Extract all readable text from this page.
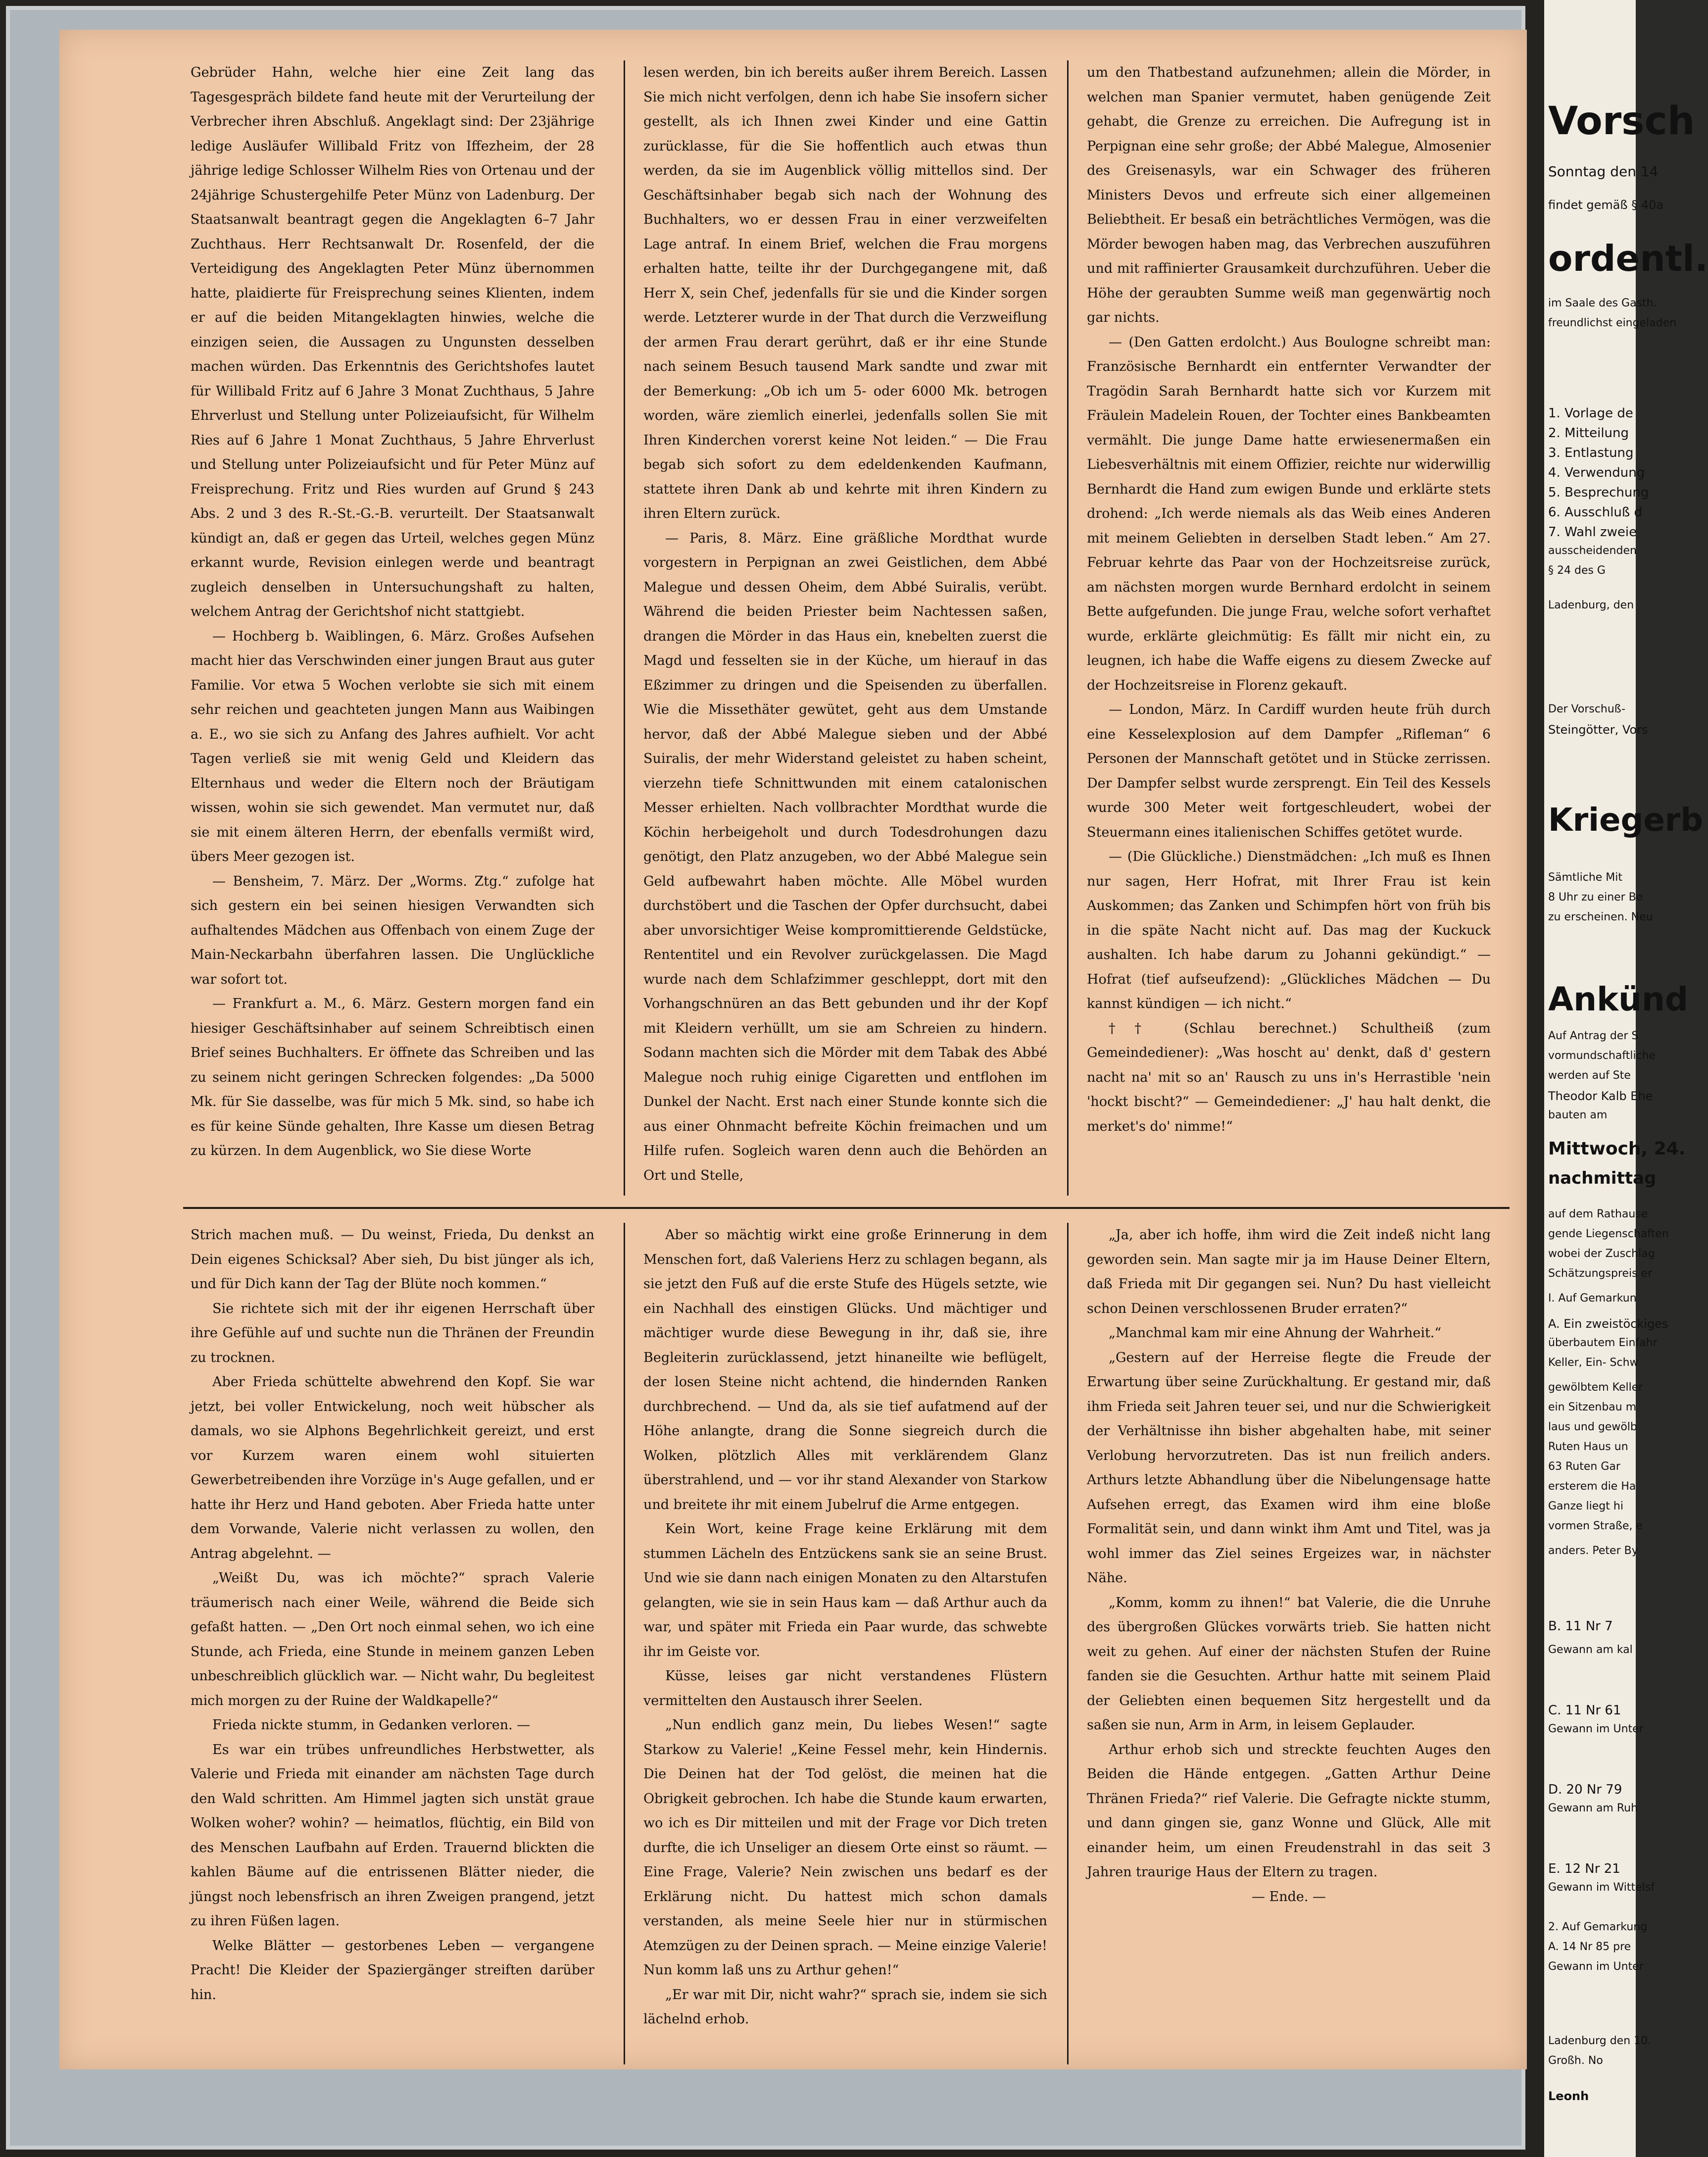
Gebrüder Hahn, welche hier eine Zeit lang das Tagesgespräch bildete fand heute mit der Verurteilung der Verbrecher ihren Abschluß. Angeklagt sind: Der 23jährige ledige Ausläufer Willibald Fritz von Iffezheim, der 28 jährige ledige Schlosser Wilhelm Ries von Ortenau und der 24jährige Schustergehilfe Peter Münz von Ladenburg. Der Staatsanwalt beantragt gegen die Angeklagten 6–7 Jahr Zuchthaus. Herr Rechtsanwalt Dr. Rosenfeld, der die Verteidigung des Angeklagten Peter Münz übernommen hatte, plaidierte für Freisprechung seines Klienten, indem er auf die beiden Mitangeklagten hinwies, welche die einzigen seien, die Aussagen zu Ungunsten desselben machen würden. Das Erkenntnis des Gerichtshofes lautet für Willibald Fritz auf 6 Jahre 3 Monat Zuchthaus, 5 Jahre Ehrverlust und Stellung unter Polizeiaufsicht, für Wilhelm Ries auf 6 Jahre 1 Monat Zuchthaus, 5 Jahre Ehrverlust und Stellung unter Polizeiaufsicht und für Peter Münz auf Freisprechung. Fritz und Ries wurden auf Grund § 243 Abs. 2 und 3 des R.-St.-G.-B. verurteilt. Der Staatsanwalt kündigt an, daß er gegen das Urteil, welches gegen Münz erkannt wurde, Revision einlegen werde und beantragt zugleich denselben in Untersuchungshaft zu halten, welchem Antrag der Gerichtshof nicht stattgiebt.

— Hochberg b. Waiblingen, 6. März. Großes Aufsehen macht hier das Verschwinden einer jungen Braut aus guter Familie. Vor etwa 5 Wochen verlobte sie sich mit einem sehr reichen und geachteten jungen Mann aus Waibingen a. E., wo sie sich zu Anfang des Jahres aufhielt. Vor acht Tagen verließ sie mit wenig Geld und Kleidern das Elternhaus und weder die Eltern noch der Bräutigam wissen, wohin sie sich gewendet. Man vermutet nur, daß sie mit einem älteren Herrn, der ebenfalls vermißt wird, übers Meer gezogen ist.

— Bensheim, 7. März. Der „Worms. Ztg.“ zufolge hat sich gestern ein bei seinen hiesigen Verwandten sich aufhaltendes Mädchen aus Offenbach von einem Zuge der Main-Neckarbahn überfahren lassen. Die Unglückliche war sofort tot.

— Frankfurt a. M., 6. März. Gestern morgen fand ein hiesiger Geschäftsinhaber auf seinem Schreibtisch einen Brief seines Buchhalters. Er öffnete das Schreiben und las zu seinem nicht geringen Schrecken folgendes: „Da 5000 Mk. für Sie dasselbe, was für mich 5 Mk. sind, so habe ich es für keine Sünde gehalten, Ihre Kasse um diesen Betrag zu kürzen. In dem Augenblick, wo Sie diese Worte

lesen werden, bin ich bereits außer ihrem Bereich. Lassen Sie mich nicht verfolgen, denn ich habe Sie insofern sicher gestellt, als ich Ihnen zwei Kinder und eine Gattin zurücklasse, für die Sie hoffentlich auch etwas thun werden, da sie im Augenblick völlig mittellos sind. Der Geschäftsinhaber begab sich nach der Wohnung des Buchhalters, wo er dessen Frau in einer verzweifelten Lage antraf. In einem Brief, welchen die Frau morgens erhalten hatte, teilte ihr der Durchgegangene mit, daß Herr X, sein Chef, jedenfalls für sie und die Kinder sorgen werde. Letzterer wurde in der That durch die Verzweiflung der armen Frau derart gerührt, daß er ihr eine Stunde nach seinem Besuch tausend Mark sandte und zwar mit der Bemerkung: „Ob ich um 5- oder 6000 Mk. betrogen worden, wäre ziemlich einerlei, jedenfalls sollen Sie mit Ihren Kinderchen vorerst keine Not leiden.“ — Die Frau begab sich sofort zu dem edeldenkenden Kaufmann, stattete ihren Dank ab und kehrte mit ihren Kindern zu ihren Eltern zurück.

— Paris, 8. März. Eine gräßliche Mordthat wurde vorgestern in Perpignan an zwei Geistlichen, dem Abbé Malegue und dessen Oheim, dem Abbé Suiralis, verübt. Während die beiden Priester beim Nachtessen saßen, drangen die Mörder in das Haus ein, knebelten zuerst die Magd und fesselten sie in der Küche, um hierauf in das Eßzimmer zu dringen und die Speisenden zu überfallen. Wie die Missethäter gewütet, geht aus dem Umstande hervor, daß der Abbé Malegue sieben und der Abbé Suiralis, der mehr Widerstand geleistet zu haben scheint, vierzehn tiefe Schnittwunden mit einem catalonischen Messer erhielten. Nach vollbrachter Mordthat wurde die Köchin herbeigeholt und durch Todesdrohungen dazu genötigt, den Platz anzugeben, wo der Abbé Malegue sein Geld aufbewahrt haben möchte. Alle Möbel wurden durchstöbert und die Taschen der Opfer durchsucht, dabei aber unvorsichtiger Weise kompromittierende Geldstücke, Rententitel und ein Revolver zurückgelassen. Die Magd wurde nach dem Schlafzimmer geschleppt, dort mit den Vorhangschnüren an das Bett gebunden und ihr der Kopf mit Kleidern verhüllt, um sie am Schreien zu hindern. Sodann machten sich die Mörder mit dem Tabak des Abbé Malegue noch ruhig einige Cigaretten und entflohen im Dunkel der Nacht. Erst nach einer Stunde konnte sich die aus einer Ohnmacht befreite Köchin freimachen und um Hilfe rufen. Sogleich waren denn auch die Behörden an Ort und Stelle,

um den Thatbestand aufzunehmen; allein die Mörder, in welchen man Spanier vermutet, haben genügende Zeit gehabt, die Grenze zu erreichen. Die Aufregung ist in Perpignan eine sehr große; der Abbé Malegue, Almosenier des Greisenasyls, war ein Schwager des früheren Ministers Devos und erfreute sich einer allgemeinen Beliebtheit. Er besaß ein beträchtliches Vermögen, was die Mörder bewogen haben mag, das Verbrechen auszuführen und mit raffinierter Grausamkeit durchzuführen. Ueber die Höhe der geraubten Summe weiß man gegenwärtig noch gar nichts.

— (Den Gatten erdolcht.) Aus Boulogne schreibt man: Französische Bernhardt ein entfernter Verwandter der Tragödin Sarah Bernhardt hatte sich vor Kurzem mit Fräulein Madelein Rouen, der Tochter eines Bankbeamten vermählt. Die junge Dame hatte erwiesenermaßen ein Liebesverhältnis mit einem Offizier, reichte nur widerwillig Bernhardt die Hand zum ewigen Bunde und erklärte stets drohend: „Ich werde niemals als das Weib eines Anderen mit meinem Geliebten in derselben Stadt leben.“ Am 27. Februar kehrte das Paar von der Hochzeitsreise zurück, am nächsten morgen wurde Bernhard erdolcht in seinem Bette aufgefunden. Die junge Frau, welche sofort verhaftet wurde, erklärte gleichmütig: Es fällt mir nicht ein, zu leugnen, ich habe die Waffe eigens zu diesem Zwecke auf der Hochzeitsreise in Florenz gekauft.

— London, März. In Cardiff wurden heute früh durch eine Kesselexplosion auf dem Dampfer „Rifleman“ 6 Personen der Mannschaft getötet und in Stücke zerrissen. Der Dampfer selbst wurde zersprengt. Ein Teil des Kessels wurde 300 Meter weit fortgeschleudert, wobei der Steuermann eines italienischen Schiffes getötet wurde.

— (Die Glückliche.) Dienstmädchen: „Ich muß es Ihnen nur sagen, Herr Hofrat, mit Ihrer Frau ist kein Auskommen; das Zanken und Schimpfen hört von früh bis in die späte Nacht nicht auf. Das mag der Kuckuck aushalten. Ich habe darum zu Johanni gekündigt.“ — Hofrat (tief aufseufzend): „Glückliches Mädchen — Du kannst kündigen — ich nicht.“

†† (Schlau berechnet.) Schultheiß (zum Gemeindediener): „Was hoscht au' denkt, daß d' gestern nacht na' mit so an' Rausch zu uns in's Herrastible 'nein 'hockt bischt?“ — Gemeindediener: „J' hau halt denkt, die merket's do' nimme!“

Strich machen muß. — Du weinst, Frieda, Du denkst an Dein eigenes Schicksal? Aber sieh, Du bist jünger als ich, und für Dich kann der Tag der Blüte noch kommen.“

Sie richtete sich mit der ihr eigenen Herrschaft über ihre Gefühle auf und suchte nun die Thränen der Freundin zu trocknen.

Aber Frieda schüttelte abwehrend den Kopf. Sie war jetzt, bei voller Entwickelung, noch weit hübscher als damals, wo sie Alphons Begehrlichkeit gereizt, und erst vor Kurzem waren einem wohl situierten Gewerbetreibenden ihre Vorzüge in's Auge gefallen, und er hatte ihr Herz und Hand geboten. Aber Frieda hatte unter dem Vorwande, Valerie nicht verlassen zu wollen, den Antrag abgelehnt. —

„Weißt Du, was ich möchte?“ sprach Valerie träumerisch nach einer Weile, während die Beide sich gefaßt hatten. — „Den Ort noch einmal sehen, wo ich eine Stunde, ach Frieda, eine Stunde in meinem ganzen Leben unbeschreiblich glücklich war. — Nicht wahr, Du begleitest mich morgen zu der Ruine der Waldkapelle?“

Frieda nickte stumm, in Gedanken verloren. —

Es war ein trübes unfreundliches Herbstwetter, als Valerie und Frieda mit einander am nächsten Tage durch den Wald schritten. Am Himmel jagten sich unstät graue Wolken woher? wohin? — heimatlos, flüchtig, ein Bild von des Menschen Laufbahn auf Erden. Trauernd blickten die kahlen Bäume auf die entrissenen Blätter nieder, die jüngst noch lebensfrisch an ihren Zweigen prangend, jetzt zu ihren Füßen lagen.

Welke Blätter — gestorbenes Leben — vergangene Pracht! Die Kleider der Spaziergänger streiften darüber hin.

Aber so mächtig wirkt eine große Erinnerung in dem Menschen fort, daß Valeriens Herz zu schlagen begann, als sie jetzt den Fuß auf die erste Stufe des Hügels setzte, wie ein Nachhall des einstigen Glücks. Und mächtiger und mächtiger wurde diese Bewegung in ihr, daß sie, ihre Begleiterin zurücklassend, jetzt hinaneilte wie beflügelt, der losen Steine nicht achtend, die hindernden Ranken durchbrechend. — Und da, als sie tief aufatmend auf der Höhe anlangte, drang die Sonne siegreich durch die Wolken, plötzlich Alles mit verklärendem Glanz überstrahlend, und — vor ihr stand Alexander von Starkow und breitete ihr mit einem Jubelruf die Arme entgegen.

Kein Wort, keine Frage keine Erklärung mit dem stummen Lächeln des Entzückens sank sie an seine Brust. Und wie sie dann nach einigen Monaten zu den Altarstufen gelangten, wie sie in sein Haus kam — daß Arthur auch da war, und später mit Frieda ein Paar wurde, das schwebte ihr im Geiste vor.

Küsse, leises gar nicht verstandenes Flüstern vermittelten den Austausch ihrer Seelen.

„Nun endlich ganz mein, Du liebes Wesen!“ sagte Starkow zu Valerie! „Keine Fessel mehr, kein Hindernis. Die Deinen hat der Tod gelöst, die meinen hat die Obrigkeit gebrochen. Ich habe die Stunde kaum erwarten, wo ich es Dir mitteilen und mit der Frage vor Dich treten durfte, die ich Unseliger an diesem Orte einst so räumt. — Eine Frage, Valerie? Nein zwischen uns bedarf es der Erklärung nicht. Du hattest mich schon damals verstanden, als meine Seele hier nur in stürmischen Atemzügen zu der Deinen sprach. — Meine einzige Valerie! Nun komm laß uns zu Arthur gehen!“

„Er war mit Dir, nicht wahr?“ sprach sie, indem sie sich lächelnd erhob.

„Ja, aber ich hoffe, ihm wird die Zeit indeß nicht lang geworden sein. Man sagte mir ja im Hause Deiner Eltern, daß Frieda mit Dir gegangen sei. Nun? Du hast vielleicht schon Deinen verschlossenen Bruder erraten?“

„Manchmal kam mir eine Ahnung der Wahrheit.“

„Gestern auf der Herreise flegte die Freude der Erwartung über seine Zurückhaltung. Er gestand mir, daß ihm Frieda seit Jahren teuer sei, und nur die Schwierigkeit der Verhältnisse ihn bisher abgehalten habe, mit seiner Verlobung hervorzutreten. Das ist nun freilich anders. Arthurs letzte Abhandlung über die Nibelungensage hatte Aufsehen erregt, das Examen wird ihm eine bloße Formalität sein, und dann winkt ihm Amt und Titel, was ja wohl immer das Ziel seines Ergeizes war, in nächster Nähe.

„Komm, komm zu ihnen!“ bat Valerie, die die Unruhe des übergroßen Glückes vorwärts trieb. Sie hatten nicht weit zu gehen. Auf einer der nächsten Stufen der Ruine fanden sie die Gesuchten. Arthur hatte mit seinem Plaid der Geliebten einen bequemen Sitz hergestellt und da saßen sie nun, Arm in Arm, in leisem Geplauder.

Arthur erhob sich und streckte feuchten Auges den Beiden die Hände entgegen. „Gatten Arthur Deine Thränen Frieda?“ rief Valerie. Die Gefragte nickte stumm, und dann gingen sie, ganz Wonne und Glück, Alle mit einander heim, um einen Freudenstrahl in das seit 3 Jahren traurige Haus der Eltern zu tragen.

— Ende. —

Vorsch
Sonntag den 14
findet gemäß § 40a
ordentl.
im Saale des Gasth.
freundlichst eingeladen
1. Vorlage de
2. Mitteilung
3. Entlastung
4. Verwendung
5. Besprechung
6. Ausschluß d
7. Wahl zweie
ausscheidenden
§ 24 des G
Ladenburg, den
Der Vorschuß-
Steingötter, Vors
Kriegerb
Sämtliche Mit
8 Uhr zu einer Be
zu erscheinen. Neu
Ankünd
Auf Antrag der S
vormundschaftliche
werden auf Ste
Theodor Kalb Ehe
bauten am
Mittwoch, 24.
nachmittag
auf dem Rathause
gende Liegenschaften
wobei der Zuschlag
Schätzungspreis er
I. Auf Gemarkun
A. Ein zweistöckiges
überbautem Einfahr
Keller, Ein- Schw
gewölbtem Keller
ein Sitzenbau m
laus und gewölb
Ruten Haus un
63 Ruten Gar
ersterem die Ha
Ganze liegt hi
vormen Straße, e
anders. Peter By
B. 11 Nr 7
Gewann am kal
C. 11 Nr 61
Gewann im Unter
D. 20 Nr 79
Gewann am Ruh
E. 12 Nr 21
Gewann im Wittelsf
2. Auf Gemarkung
A. 14 Nr 85 pre
Gewann im Unter
Ladenburg den 10.
Großh. No
Leonh
